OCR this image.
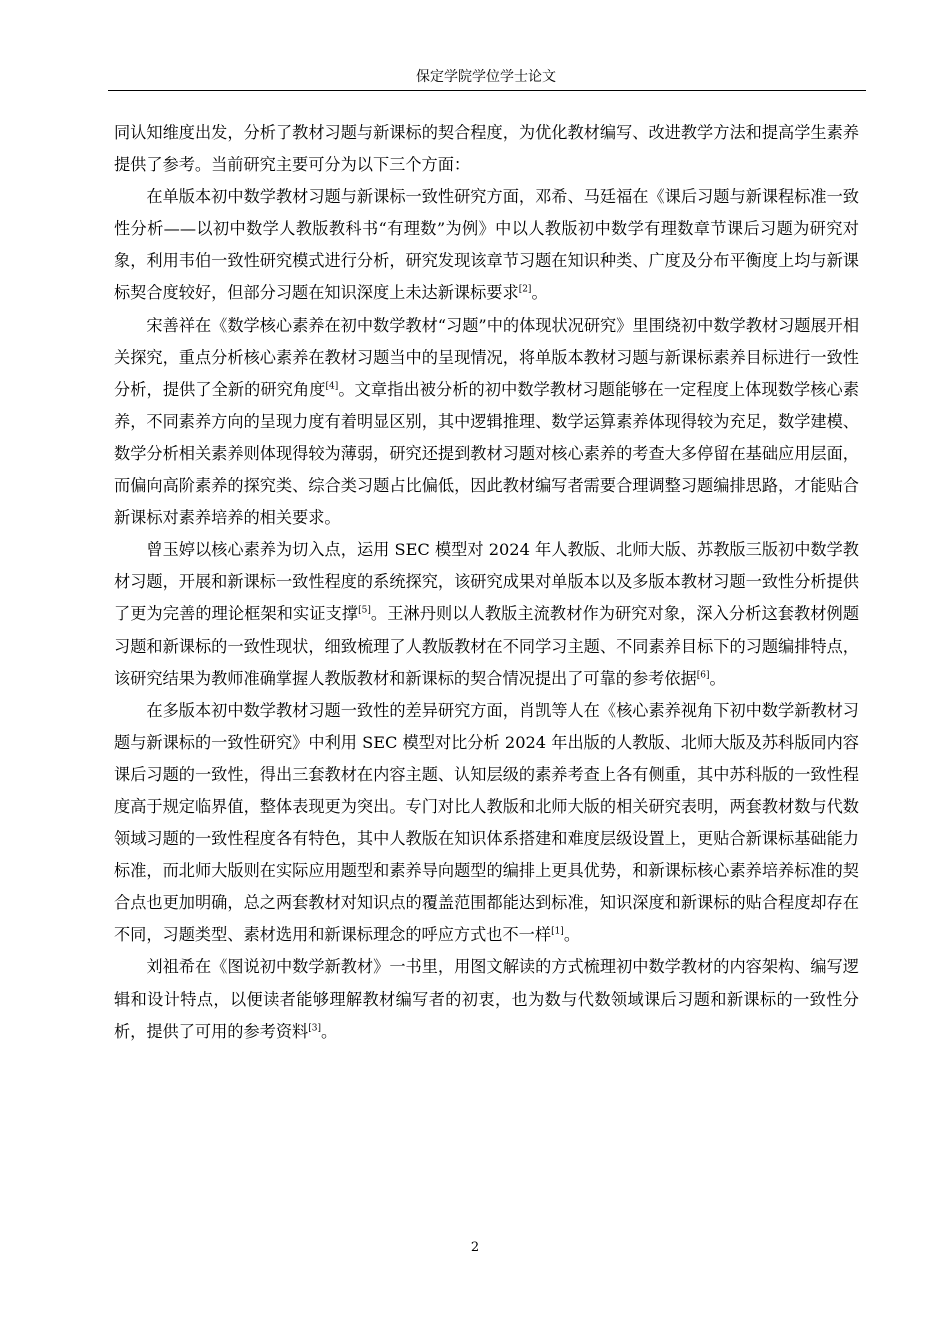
保定学院学位学士论文

同认知维度出发，分析了教材习题与新课标的契合程度，为优化教材编写、改进教学方法和提高学生素养提供了参考。当前研究主要可分为以下三个方面：

在单版本初中数学教材习题与新课标一致性研究方面，邓希、马廷福在《课后习题与新课程标准一致性分析——以初中数学人教版教科书“有理数”为例》中以人教版初中数学有理数章节课后习题为研究对象，利用韦伯一致性研究模式进行分析，研究发现该章节习题在知识种类、广度及分布平衡度上均与新课标契合度较好，但部分习题在知识深度上未达新课标要求[2]。

宋善祥在《数学核心素养在初中数学教材“习题”中的体现状况研究》里围绕初中数学教材习题展开相关探究，重点分析核心素养在教材习题当中的呈现情况，将单版本教材习题与新课标素养目标进行一致性分析，提供了全新的研究角度[4]。文章指出被分析的初中数学教材习题能够在一定程度上体现数学核心素养，不同素养方向的呈现力度有着明显区别，其中逻辑推理、数学运算素养体现得较为充足，数学建模、数学分析相关素养则体现得较为薄弱，研究还提到教材习题对核心素养的考查大多停留在基础应用层面，而偏向高阶素养的探究类、综合类习题占比偏低，因此教材编写者需要合理调整习题编排思路，才能贴合新课标对素养培养的相关要求。

曾玉婷以核心素养为切入点，运用 SEC 模型对 2024 年人教版、北师大版、苏教版三版初中数学教材习题，开展和新课标一致性程度的系统探究，该研究成果对单版本以及多版本教材习题一致性分析提供了更为完善的理论框架和实证支撑[5]。王淋丹则以人教版主流教材作为研究对象，深入分析这套教材例题习题和新课标的一致性现状，细致梳理了人教版教材在不同学习主题、不同素养目标下的习题编排特点，该研究结果为教师准确掌握人教版教材和新课标的契合情况提出了可靠的参考依据[6]。

在多版本初中数学教材习题一致性的差异研究方面，肖凯等人在《核心素养视角下初中数学新教材习题与新课标的一致性研究》中利用 SEC 模型对比分析 2024 年出版的人教版、北师大版及苏科版同内容课后习题的一致性，得出三套教材在内容主题、认知层级的素养考查上各有侧重，其中苏科版的一致性程度高于规定临界值，整体表现更为突出。专门对比人教版和北师大版的相关研究表明，两套教材数与代数领域习题的一致性程度各有特色，其中人教版在知识体系搭建和难度层级设置上，更贴合新课标基础能力标准，而北师大版则在实际应用题型和素养导向题型的编排上更具优势，和新课标核心素养培养标准的契合点也更加明确，总之两套教材对知识点的覆盖范围都能达到标准，知识深度和新课标的贴合程度却存在不同，习题类型、素材选用和新课标理念的呼应方式也不一样[1]。

刘祖希在《图说初中数学新教材》一书里，用图文解读的方式梳理初中数学教材的内容架构、编写逻辑和设计特点，以便读者能够理解教材编写者的初衷，也为数与代数领域课后习题和新课标的一致性分析，提供了可用的参考资料[3]。

2
